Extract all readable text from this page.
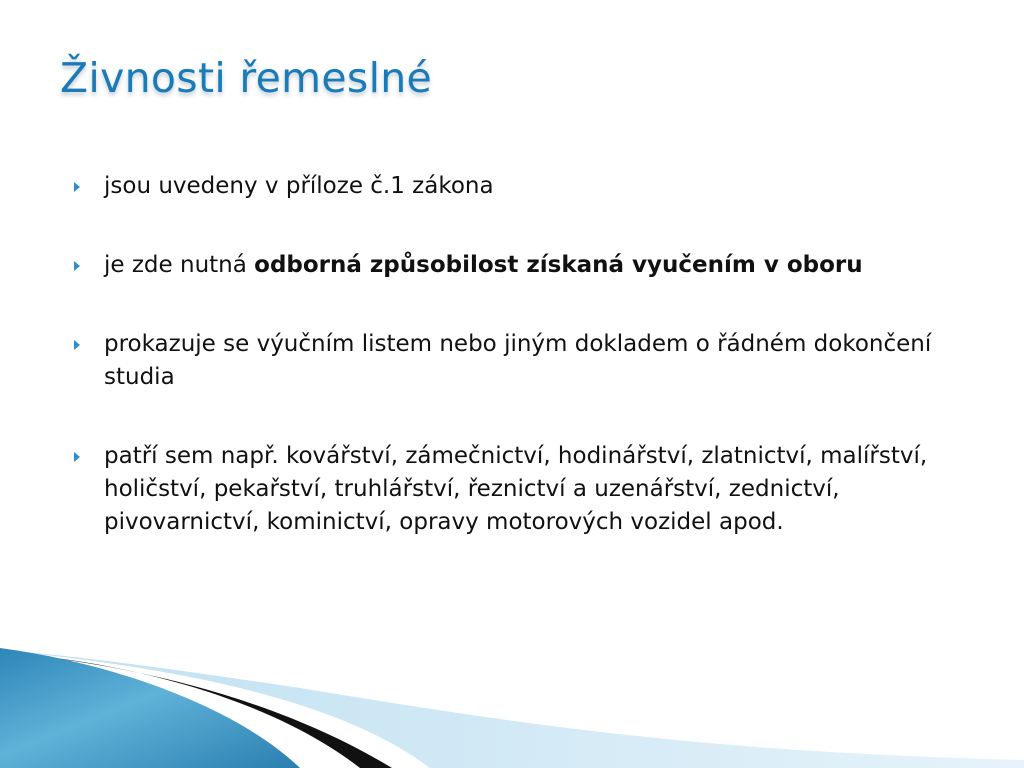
Živnosti řemeslné
jsou uvedeny v příloze č.1 zákona
je zde nutná odborná způsobilost získaná vyučením v oboru
prokazuje se výučním listem nebo jiným dokladem o řádném dokončení studia
patří sem např. kovářství, zámečnictví, hodinářství, zlatnictví, malířství, holičství, pekařství, truhlářství, řeznictví a uzenářství, zednictví, pivovarnictví, kominictví, opravy motorových vozidel apod.
